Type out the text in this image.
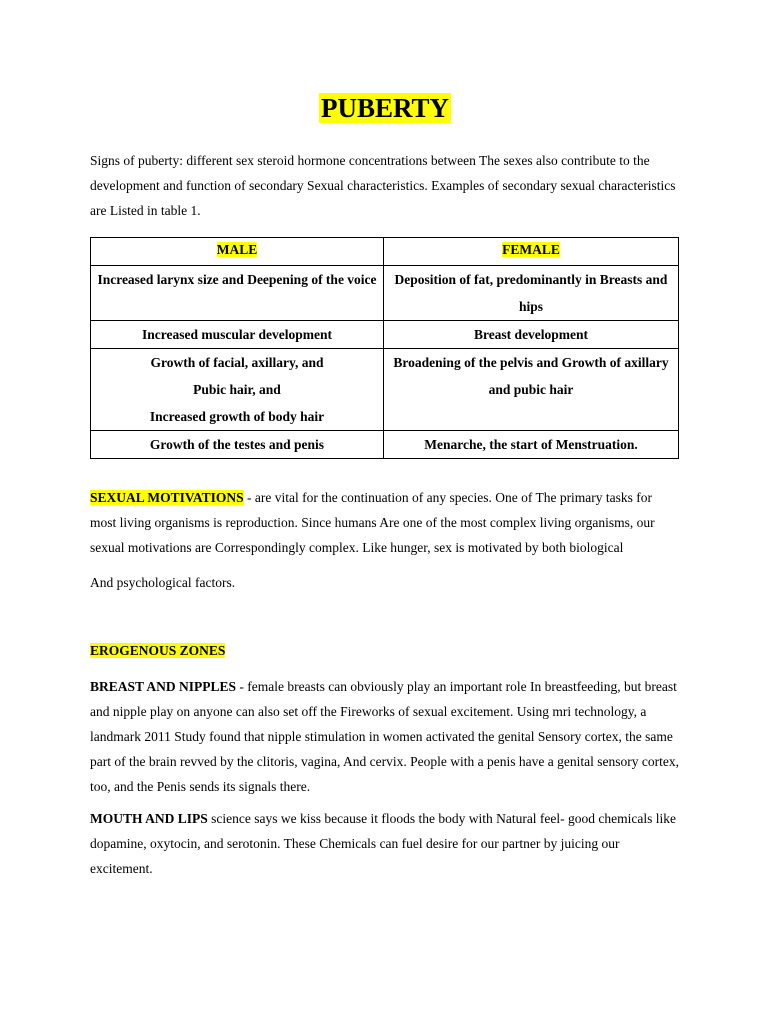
PUBERTY

Signs of puberty: different sex steroid hormone concentrations between The sexes also contribute to the development and function of secondary Sexual characteristics. Examples of secondary sexual characteristics are Listed in table 1.

MALE	FEMALE
Increased larynx size and Deepening of the voice	Deposition of fat, predominantly in Breasts and hips
Increased muscular development	Breast development

Growth of facial, axillary, and
Pubic hair, and
Increased growth of body hair	Broadening of the pelvis and Growth of axillary and pubic hair
Growth of the testes and penis	Menarche, the start of Menstruation.

SEXUAL MOTIVATIONS - are vital for the continuation of any species. One of The primary tasks for most living organisms is reproduction. Since humans Are one of the most complex living organisms, our sexual motivations are Correspondingly complex. Like hunger, sex is motivated by both biological

And psychological factors.

EROGENOUS ZONES

BREAST AND NIPPLES - female breasts can obviously play an important role In breastfeeding, but breast and nipple play on anyone can also set off the Fireworks of sexual excitement. Using mri technology, a landmark 2011 Study found that nipple stimulation in women activated the genital Sensory cortex, the same part of the brain revved by the clitoris, vagina, And cervix. People with a penis have a genital sensory cortex, too, and the Penis sends its signals there.

MOUTH AND LIPS science says we kiss because it floods the body with Natural feel- good chemicals like dopamine, oxytocin, and serotonin. These Chemicals can fuel desire for our partner by juicing our excitement.
